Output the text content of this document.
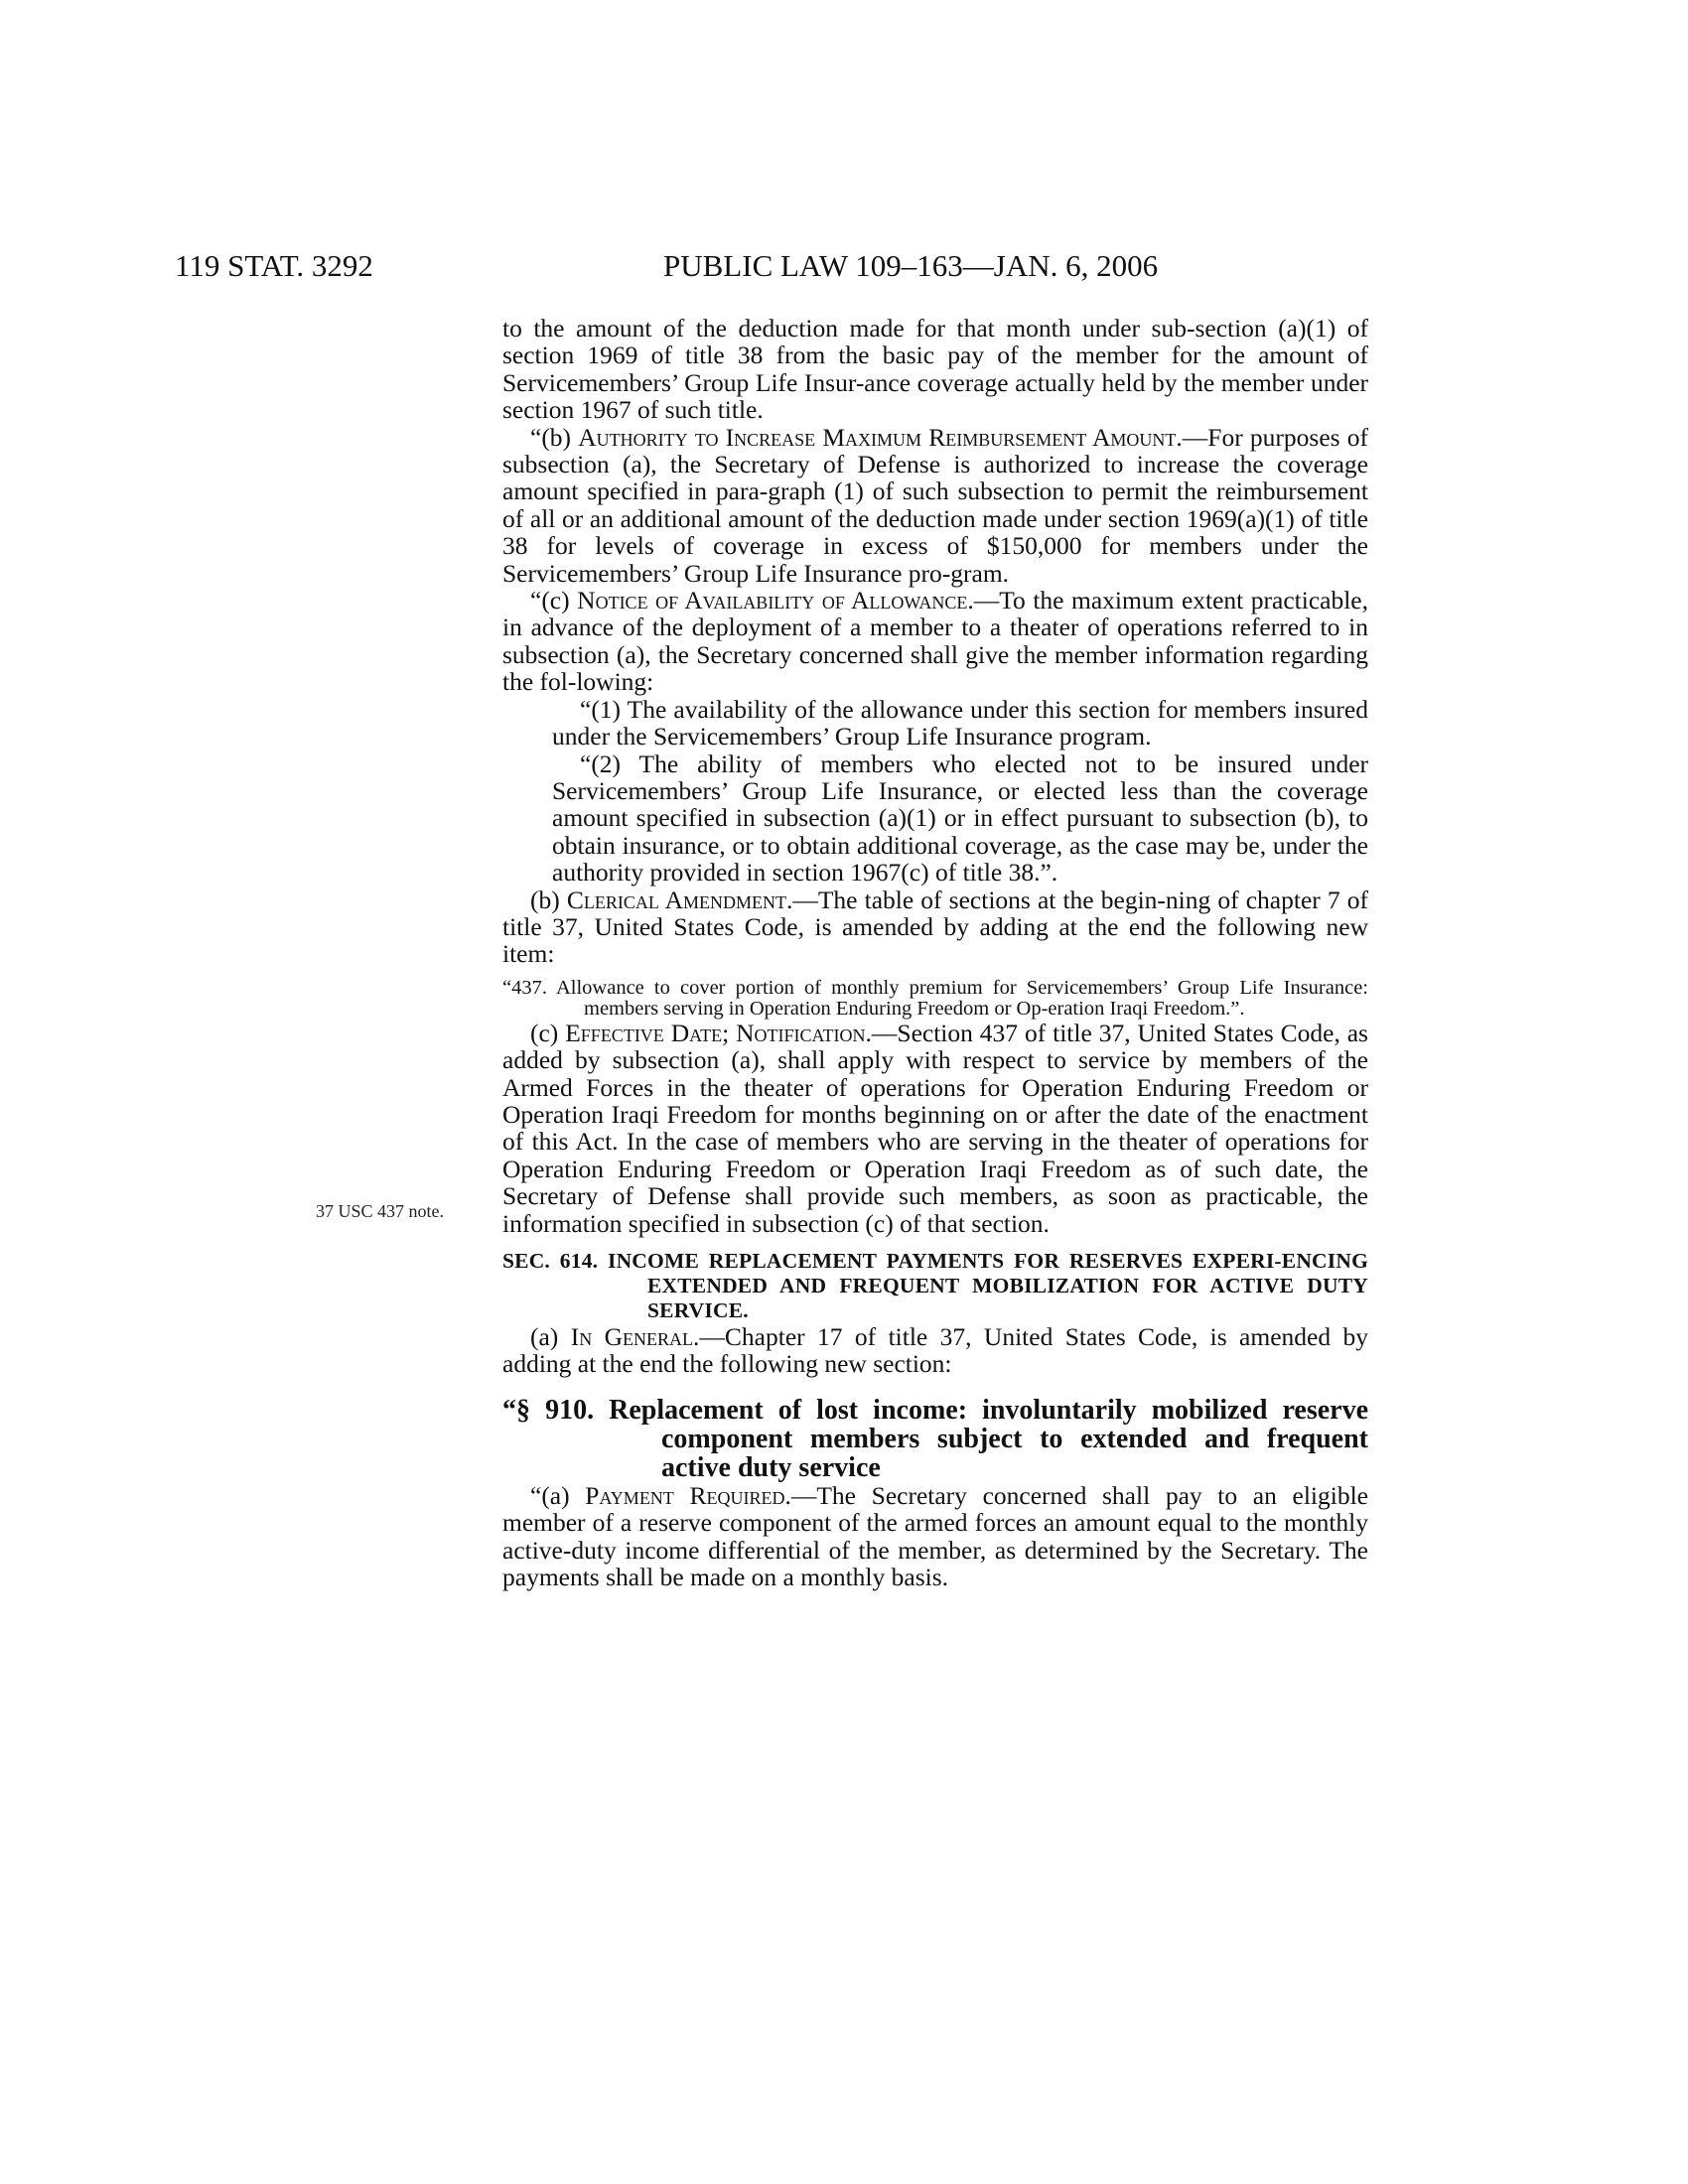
119 STAT. 3292	PUBLIC LAW 109–163—JAN. 6, 2006
37 USC 437 note.

to the amount of the deduction made for that month under sub-section (a)(1) of section 1969 of title 38 from the basic pay of the member for the amount of Servicemembers’ Group Life Insur-ance coverage actually held by the member under section 1967 of such title.

“(b) Authority to Increase Maximum Reimbursement Amount.—For purposes of subsection (a), the Secretary of Defense is authorized to increase the coverage amount specified in para-graph (1) of such subsection to permit the reimbursement of all or an additional amount of the deduction made under section 1969(a)(1) of title 38 for levels of coverage in excess of $150,000 for members under the Servicemembers’ Group Life Insurance pro-gram.

“(c) Notice of Availability of Allowance.—To the maximum extent practicable, in advance of the deployment of a member to a theater of operations referred to in subsection (a), the Secretary concerned shall give the member information regarding the fol-lowing:

“(1) The availability of the allowance under this section for members insured under the Servicemembers’ Group Life Insurance program.

“(2) The ability of members who elected not to be insured under Servicemembers’ Group Life Insurance, or elected less than the coverage amount specified in subsection (a)(1) or in effect pursuant to subsection (b), to obtain insurance, or to obtain additional coverage, as the case may be, under the authority provided in section 1967(c) of title 38.”.

(b) Clerical Amendment.—The table of sections at the begin-ning of chapter 7 of title 37, United States Code, is amended by adding at the end the following new item:

“437. Allowance to cover portion of monthly premium for Servicemembers’ Group Life Insurance: members serving in Operation Enduring Freedom or Op-eration Iraqi Freedom.”.

(c) Effective Date; Notification.—Section 437 of title 37, United States Code, as added by subsection (a), shall apply with respect to service by members of the Armed Forces in the theater of operations for Operation Enduring Freedom or Operation Iraqi Freedom for months beginning on or after the date of the enactment of this Act. In the case of members who are serving in the theater of operations for Operation Enduring Freedom or Operation Iraqi Freedom as of such date, the Secretary of Defense shall provide such members, as soon as practicable, the information specified in subsection (c) of that section.

SEC. 614. INCOME REPLACEMENT PAYMENTS FOR RESERVES EXPERI-ENCING EXTENDED AND FREQUENT MOBILIZATION FOR ACTIVE DUTY SERVICE.

(a) In General.—Chapter 17 of title 37, United States Code, is amended by adding at the end the following new section:

“§ 910. Replacement of lost income: involuntarily mobilized reserve component members subject to extended and frequent active duty service

“(a) Payment Required.—The Secretary concerned shall pay to an eligible member of a reserve component of the armed forces an amount equal to the monthly active-duty income differential of the member, as determined by the Secretary. The payments shall be made on a monthly basis.
